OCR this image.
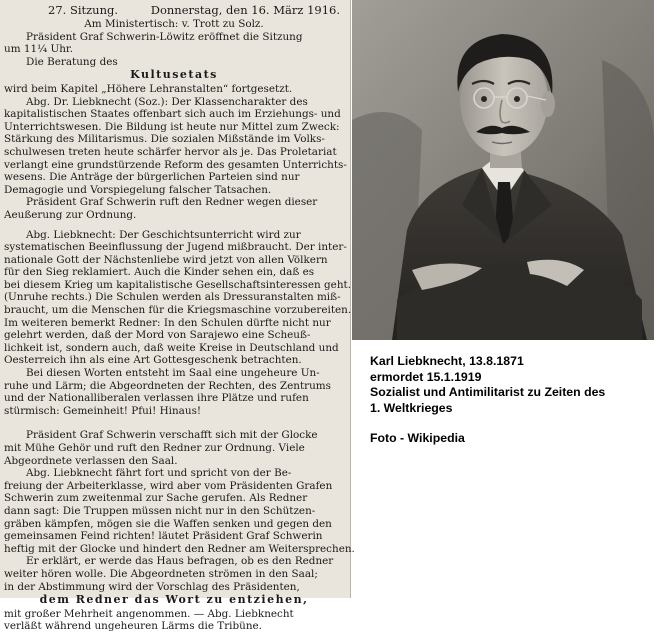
27. Sitzung.	Donnerstag, den 16. März 1916.
Am Ministertisch: v. Trott zu Solz.
Präsident Graf Schwerin-Löwitz eröffnet die Sitzung
um 11¼ Uhr.
Die Beratung des
Kultusetats
wird beim Kapitel „Höhere Lehranstalten“ fortgesetzt.
Abg. Dr. Liebknecht (Soz.): Der Klassencharakter des
kapitalistischen Staates offenbart sich auch im Erziehungs- und
Unterrichtswesen. Die Bildung ist heute nur Mittel zum Zweck:
Stärkung des Militarismus. Die sozialen Mißstände im Volks-
schulwesen treten heute schärfer hervor als je. Das Proletariat
verlangt eine grundstürzende Reform des gesamten Unterrichts-
wesens. Die Anträge der bürgerlichen Parteien sind nur
Demagogie und Vorspiegelung falscher Tatsachen.
Präsident Graf Schwerin ruft den Redner wegen dieser
Aeußerung zur Ordnung.
Abg. Liebknecht: Der Geschichtsunterricht wird zur
systematischen Beeinflussung der Jugend mißbraucht. Der inter-
nationale Gott der Nächstenliebe wird jetzt von allen Völkern
für den Sieg reklamiert. Auch die Kinder sehen ein, daß es
bei diesem Krieg um kapitalistische Gesellschaftsinteressen geht.
(Unruhe rechts.) Die Schulen werden als Dressuranstalten miß-
braucht, um die Menschen für die Kriegsmaschine vorzubereiten.
Im weiteren bemerkt Redner: In den Schulen dürfte nicht nur
gelehrt werden, daß der Mord von Sarajewo eine Scheuß-
lichkeit ist, sondern auch, daß weite Kreise in Deutschland und
Oesterreich ihn als eine Art Gottesgeschenk betrachten.
Bei diesen Worten entsteht im Saal eine ungeheure Un-
ruhe und Lärm; die Abgeordneten der Rechten, des Zentrums
und der Nationalliberalen verlassen ihre Plätze und rufen
stürmisch: Gemeinheit! Pfui! Hinaus!
Präsident Graf Schwerin verschafft sich mit der Glocke
mit Mühe Gehör und ruft den Redner zur Ordnung. Viele
Abgeordnete verlassen den Saal.
Abg. Liebknecht fährt fort und spricht von der Be-
freiung der Arbeiterklasse, wird aber vom Präsidenten Grafen
Schwerin zum zweitenmal zur Sache gerufen. Als Redner
dann sagt: Die Truppen müssen nicht nur in den Schützen-
gräben kämpfen, mögen sie die Waffen senken und gegen den
gemeinsamen Feind richten! läutet Präsident Graf Schwerin
heftig mit der Glocke und hindert den Redner am Weitersprechen.
Er erklärt, er werde das Haus befragen, ob es den Redner
weiter hören wolle. Die Abgeordneten strömen in den Saal;
in der Abstimmung wird der Vorschlag des Präsidenten,
dem Redner das Wort zu entziehen,
mit großer Mehrheit angenommen. — Abg. Liebknecht
verläßt während ungeheuren Lärms die Tribüne.
Karl Liebknecht, 13.8.1871
ermordet 15.1.1919
Sozialist und Antimilitarist zu Zeiten des
1. Weltkrieges
Foto - Wikipedia
